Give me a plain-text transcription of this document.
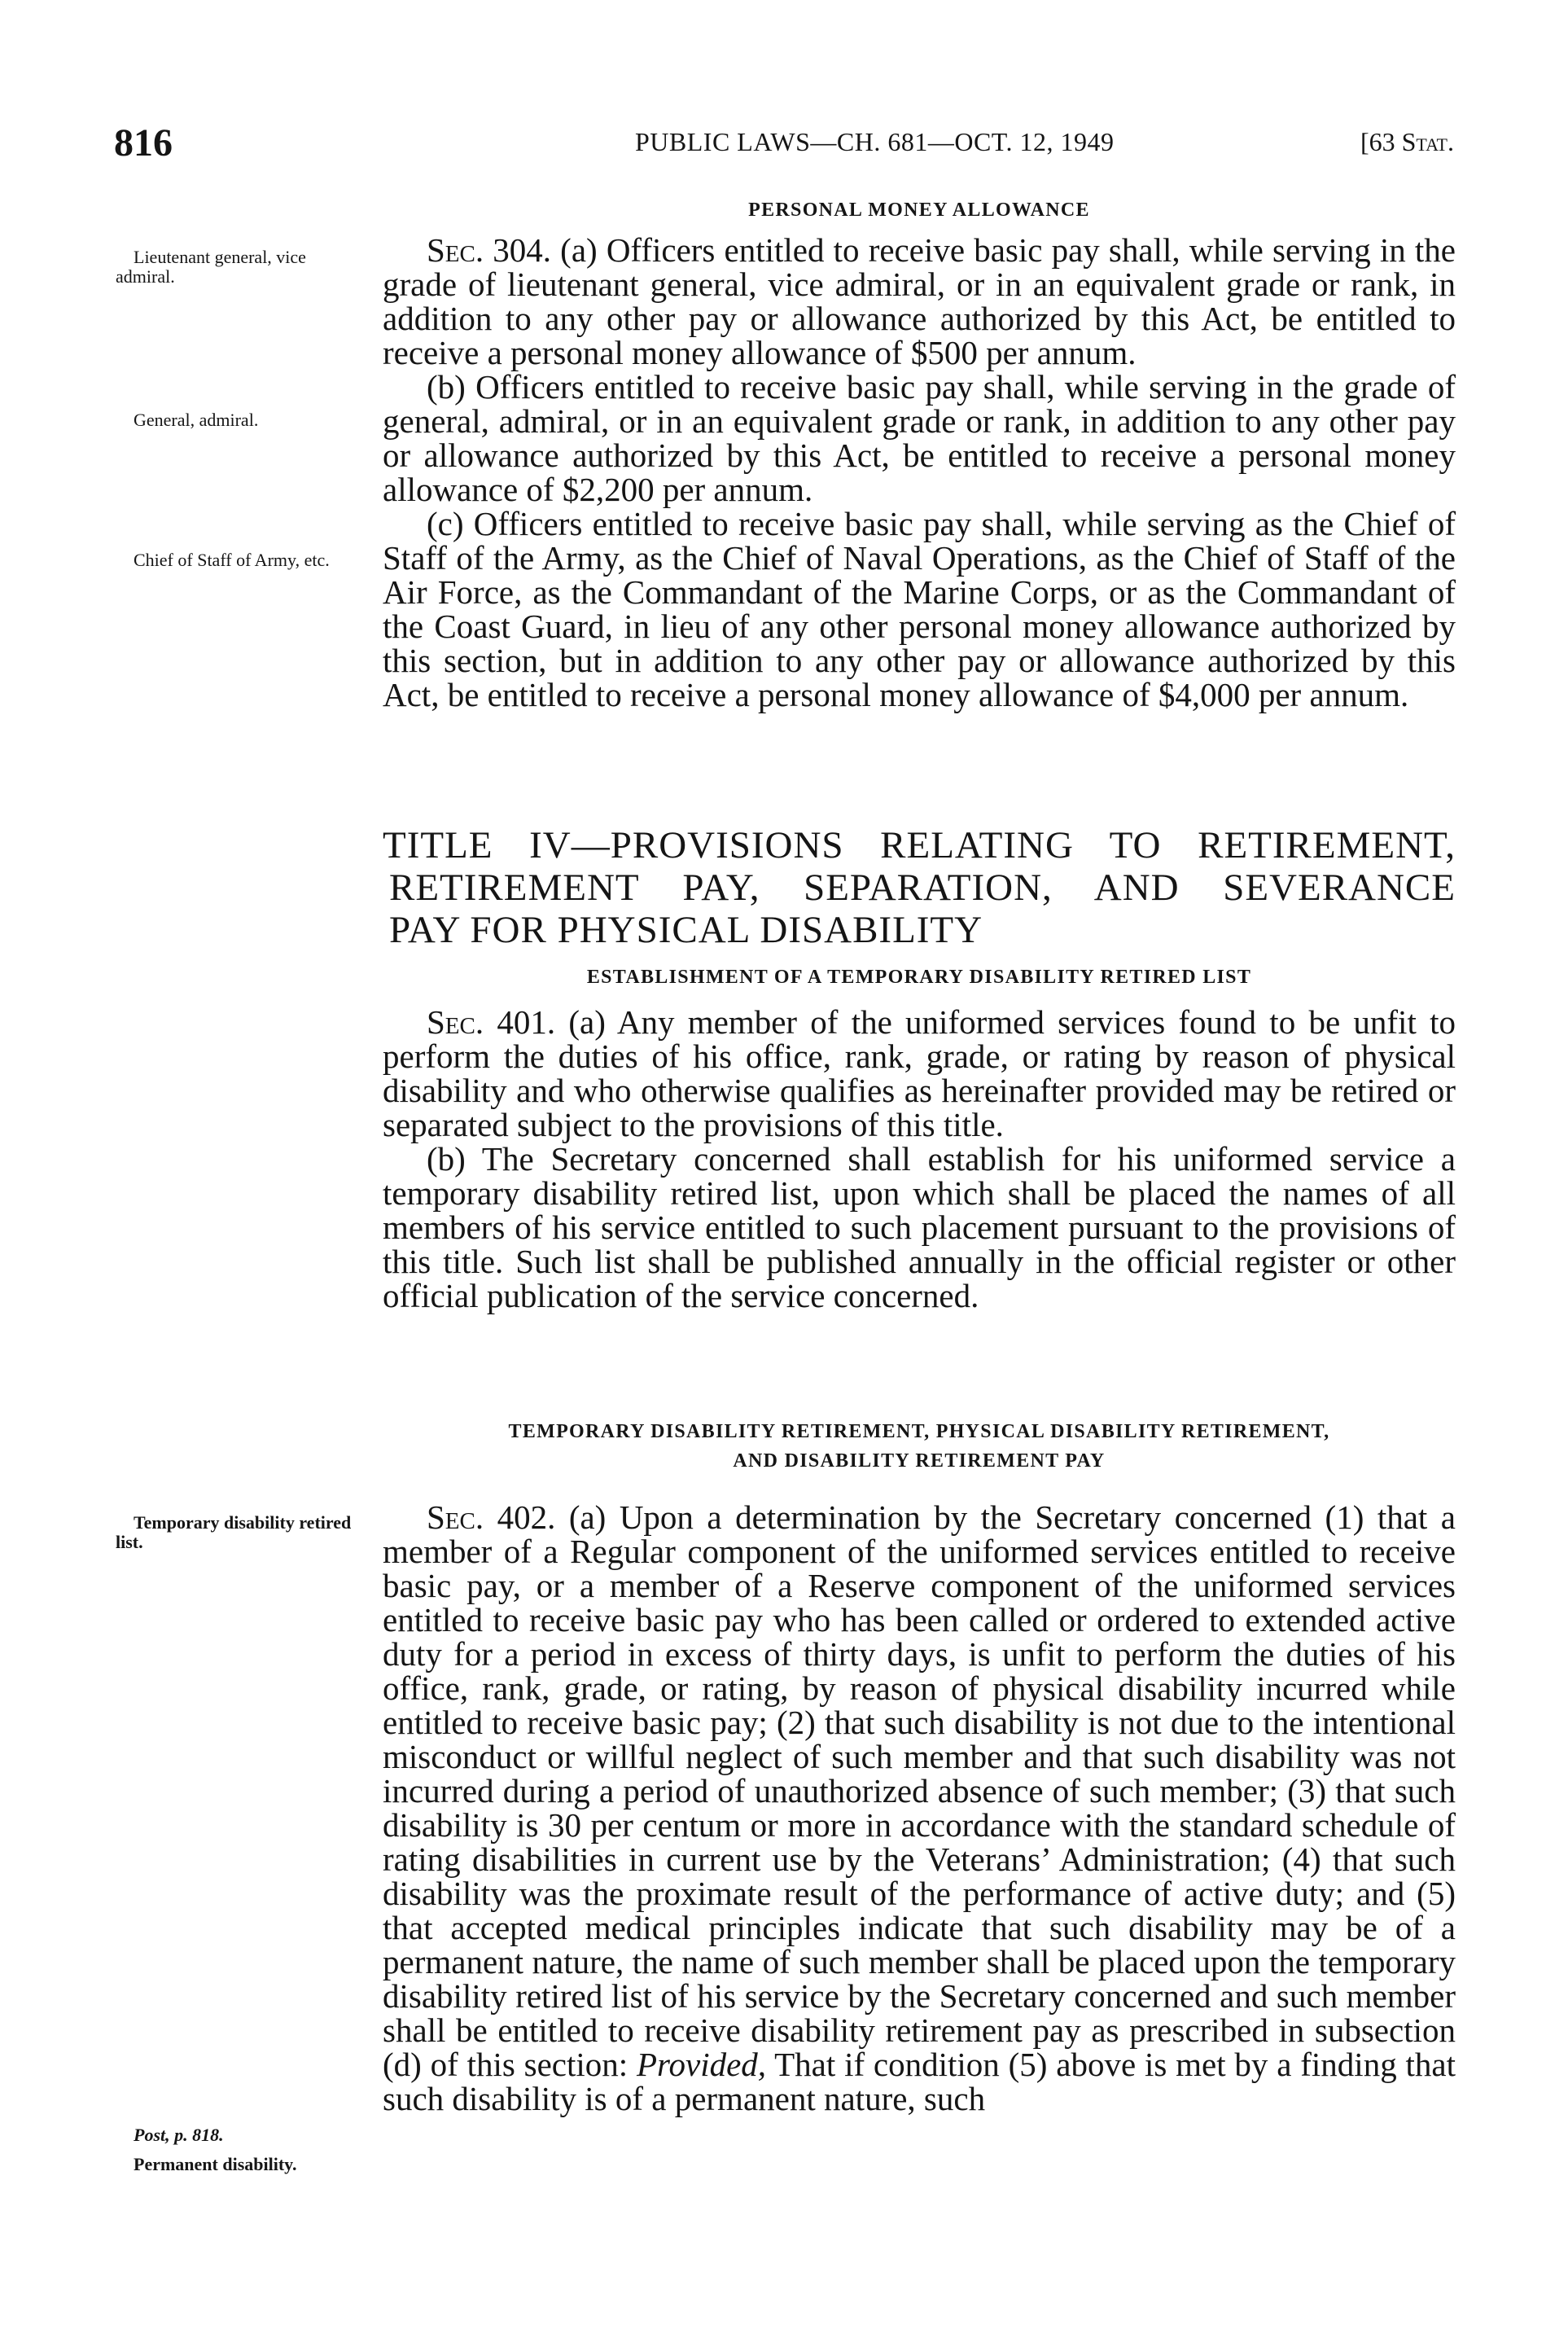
816	PUBLIC LAWS—CH. 681—OCT. 12, 1949	[63 Stat.
PERSONAL MONEY ALLOWANCE
Sec. 304. (a) Officers entitled to receive basic pay shall, while serving in the grade of lieutenant general, vice admiral, or in an equivalent grade or rank, in addition to any other pay or allowance authorized by this Act, be entitled to receive a personal money allowance of $500 per annum.
(b) Officers entitled to receive basic pay shall, while serving in the grade of general, admiral, or in an equivalent grade or rank, in addition to any other pay or allowance authorized by this Act, be entitled to receive a personal money allowance of $2,200 per annum.
(c) Officers entitled to receive basic pay shall, while serving as the Chief of Staff of the Army, as the Chief of Naval Operations, as the Chief of Staff of the Air Force, as the Commandant of the Marine Corps, or as the Commandant of the Coast Guard, in lieu of any other personal money allowance authorized by this section, but in addition to any other pay or allowance authorized by this Act, be entitled to receive a personal money allowance of $4,000 per annum.
TITLE IV—PROVISIONS RELATING TO RETIREMENT,
RETIREMENT PAY, SEPARATION, AND SEVERANCE
PAY FOR PHYSICAL DISABILITY
ESTABLISHMENT OF A TEMPORARY DISABILITY RETIRED LIST
Sec. 401. (a) Any member of the uniformed services found to be unfit to perform the duties of his office, rank, grade, or rating by reason of physical disability and who otherwise qualifies as hereinafter provided may be retired or separated subject to the provisions of this title.
(b) The Secretary concerned shall establish for his uniformed service a temporary disability retired list, upon which shall be placed the names of all members of his service entitled to such placement pursuant to the provisions of this title. Such list shall be published annually in the official register or other official publication of the service concerned.
TEMPORARY DISABILITY RETIREMENT, PHYSICAL DISABILITY RETIREMENT,
AND DISABILITY RETIREMENT PAY
Sec. 402. (a) Upon a determination by the Secretary concerned (1) that a member of a Regular component of the uniformed services entitled to receive basic pay, or a member of a Reserve component of the uniformed services entitled to receive basic pay who has been called or ordered to extended active duty for a period in excess of thirty days, is unfit to perform the duties of his office, rank, grade, or rating, by reason of physical disability incurred while entitled to receive basic pay; (2) that such disability is not due to the intentional misconduct or willful neglect of such member and that such disability was not incurred during a period of unauthorized absence of such member; (3) that such disability is 30 per centum or more in accordance with the standard schedule of rating disabilities in current use by the Veterans’ Administration; (4) that such disability was the proximate result of the performance of active duty; and (5) that accepted medical principles indicate that such disability may be of a permanent nature, the name of such member shall be placed upon the temporary disability retired list of his service by the Secretary concerned and such member shall be entitled to receive disability retirement pay as prescribed in subsection (d) of this section: Provided, That if condition (5) above is met by a finding that such disability is of a permanent nature, such
Lieutenant general, vice admiral.
General, admiral.
Chief of Staff of Army, etc.
Temporary disability retired list.
Post, p. 818.
Permanent disability.
